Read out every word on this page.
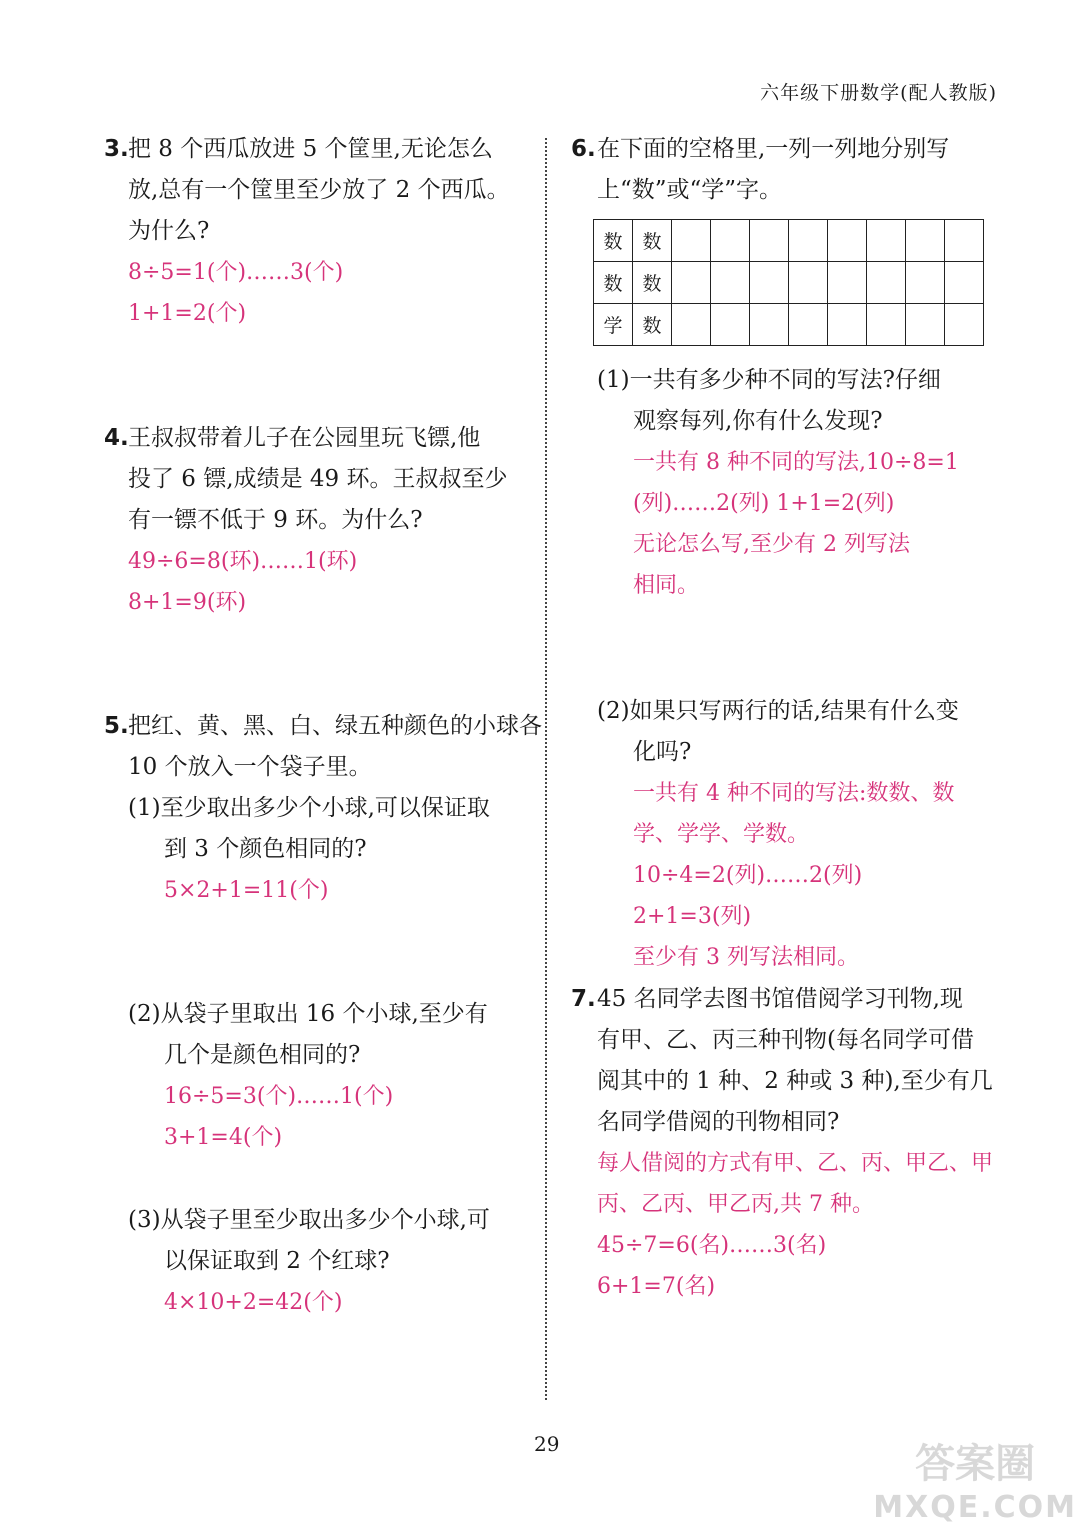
六年级下册数学(配人教版)
3. 把 8 个西瓜放进 5 个筐里,无论怎么
放,总有一个筐里至少放了 2 个西瓜。
为什么?
8÷5=1(个)……3(个)
1+1=2(个)
4. 王叔叔带着儿子在公园里玩飞镖,他
投了 6 镖,成绩是 49 环。王叔叔至少
有一镖不低于 9 环。为什么?
49÷6=8(环)……1(环)
8+1=9(环)
5. 把红、黄、黑、白、绿五种颜色的小球各
10 个放入一个袋子里。
(1)至少取出多少个小球,可以保证取
到 3 个颜色相同的?
5×2+1=11(个)
(2)从袋子里取出 16 个小球,至少有
几个是颜色相同的?
16÷5=3(个)……1(个)
3+1=4(个)
(3)从袋子里至少取出多少个小球,可
以保证取到 2 个红球?
4×10+2=42(个)
6. 在下面的空格里,一列一列地分别写
上“数”或“学”字。
数	数								
数	数								
学	数								
(1)一共有多少种不同的写法?仔细
观察每列,你有什么发现?
一共有 8 种不同的写法,10÷8=1
(列)……2(列) 1+1=2(列)
无论怎么写,至少有 2 列写法
相同。
(2)如果只写两行的话,结果有什么变
化吗?
一共有 4 种不同的写法:数数、数
学、学学、学数。
10÷4=2(列)……2(列)
2+1=3(列)
至少有 3 列写法相同。
7. 45 名同学去图书馆借阅学习刊物,现
有甲、乙、丙三种刊物(每名同学可借
阅其中的 1 种、2 种或 3 种),至少有几
名同学借阅的刊物相同?
每人借阅的方式有甲、乙、丙、甲乙、甲
丙、乙丙、甲乙丙,共 7 种。
45÷7=6(名)……3(名)
6+1=7(名)
29	答案圈
MXQE.COM
